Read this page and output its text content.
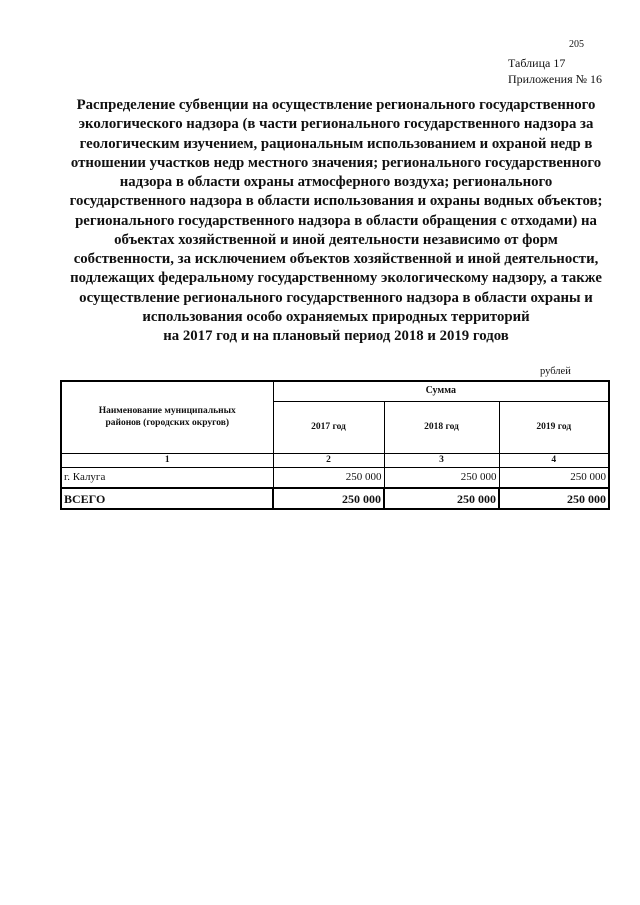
205
Таблица 17
Приложения № 16
Распределение субвенции на осуществление регионального государственного
экологического надзора (в части регионального государственного надзора за
геологическим изучением, рациональным использованием и охраной недр в
отношении участков недр местного значения; регионального государственного
надзора в области охраны атмосферного воздуха; регионального
государственного надзора в области использования и охраны водных объектов;
регионального государственного надзора в области обращения с отходами) на
объектах хозяйственной и иной деятельности независимо от форм
собственности, за исключением объектов хозяйственной и иной деятельности,
подлежащих федеральному государственному экологическому надзору, а также
осуществление регионального государственного надзора в области охраны и
использования особо охраняемых природных территорий
на 2017 год и на плановый период 2018 и 2019 годов
рублей
Наименование муниципальных
районов (городских округов)	Сумма		
	2017 год	2018 год	2019 год
1	2	3	4
г. Калуга	250 000	250 000	250 000
ВСЕГО	250 000	250 000	250 000
